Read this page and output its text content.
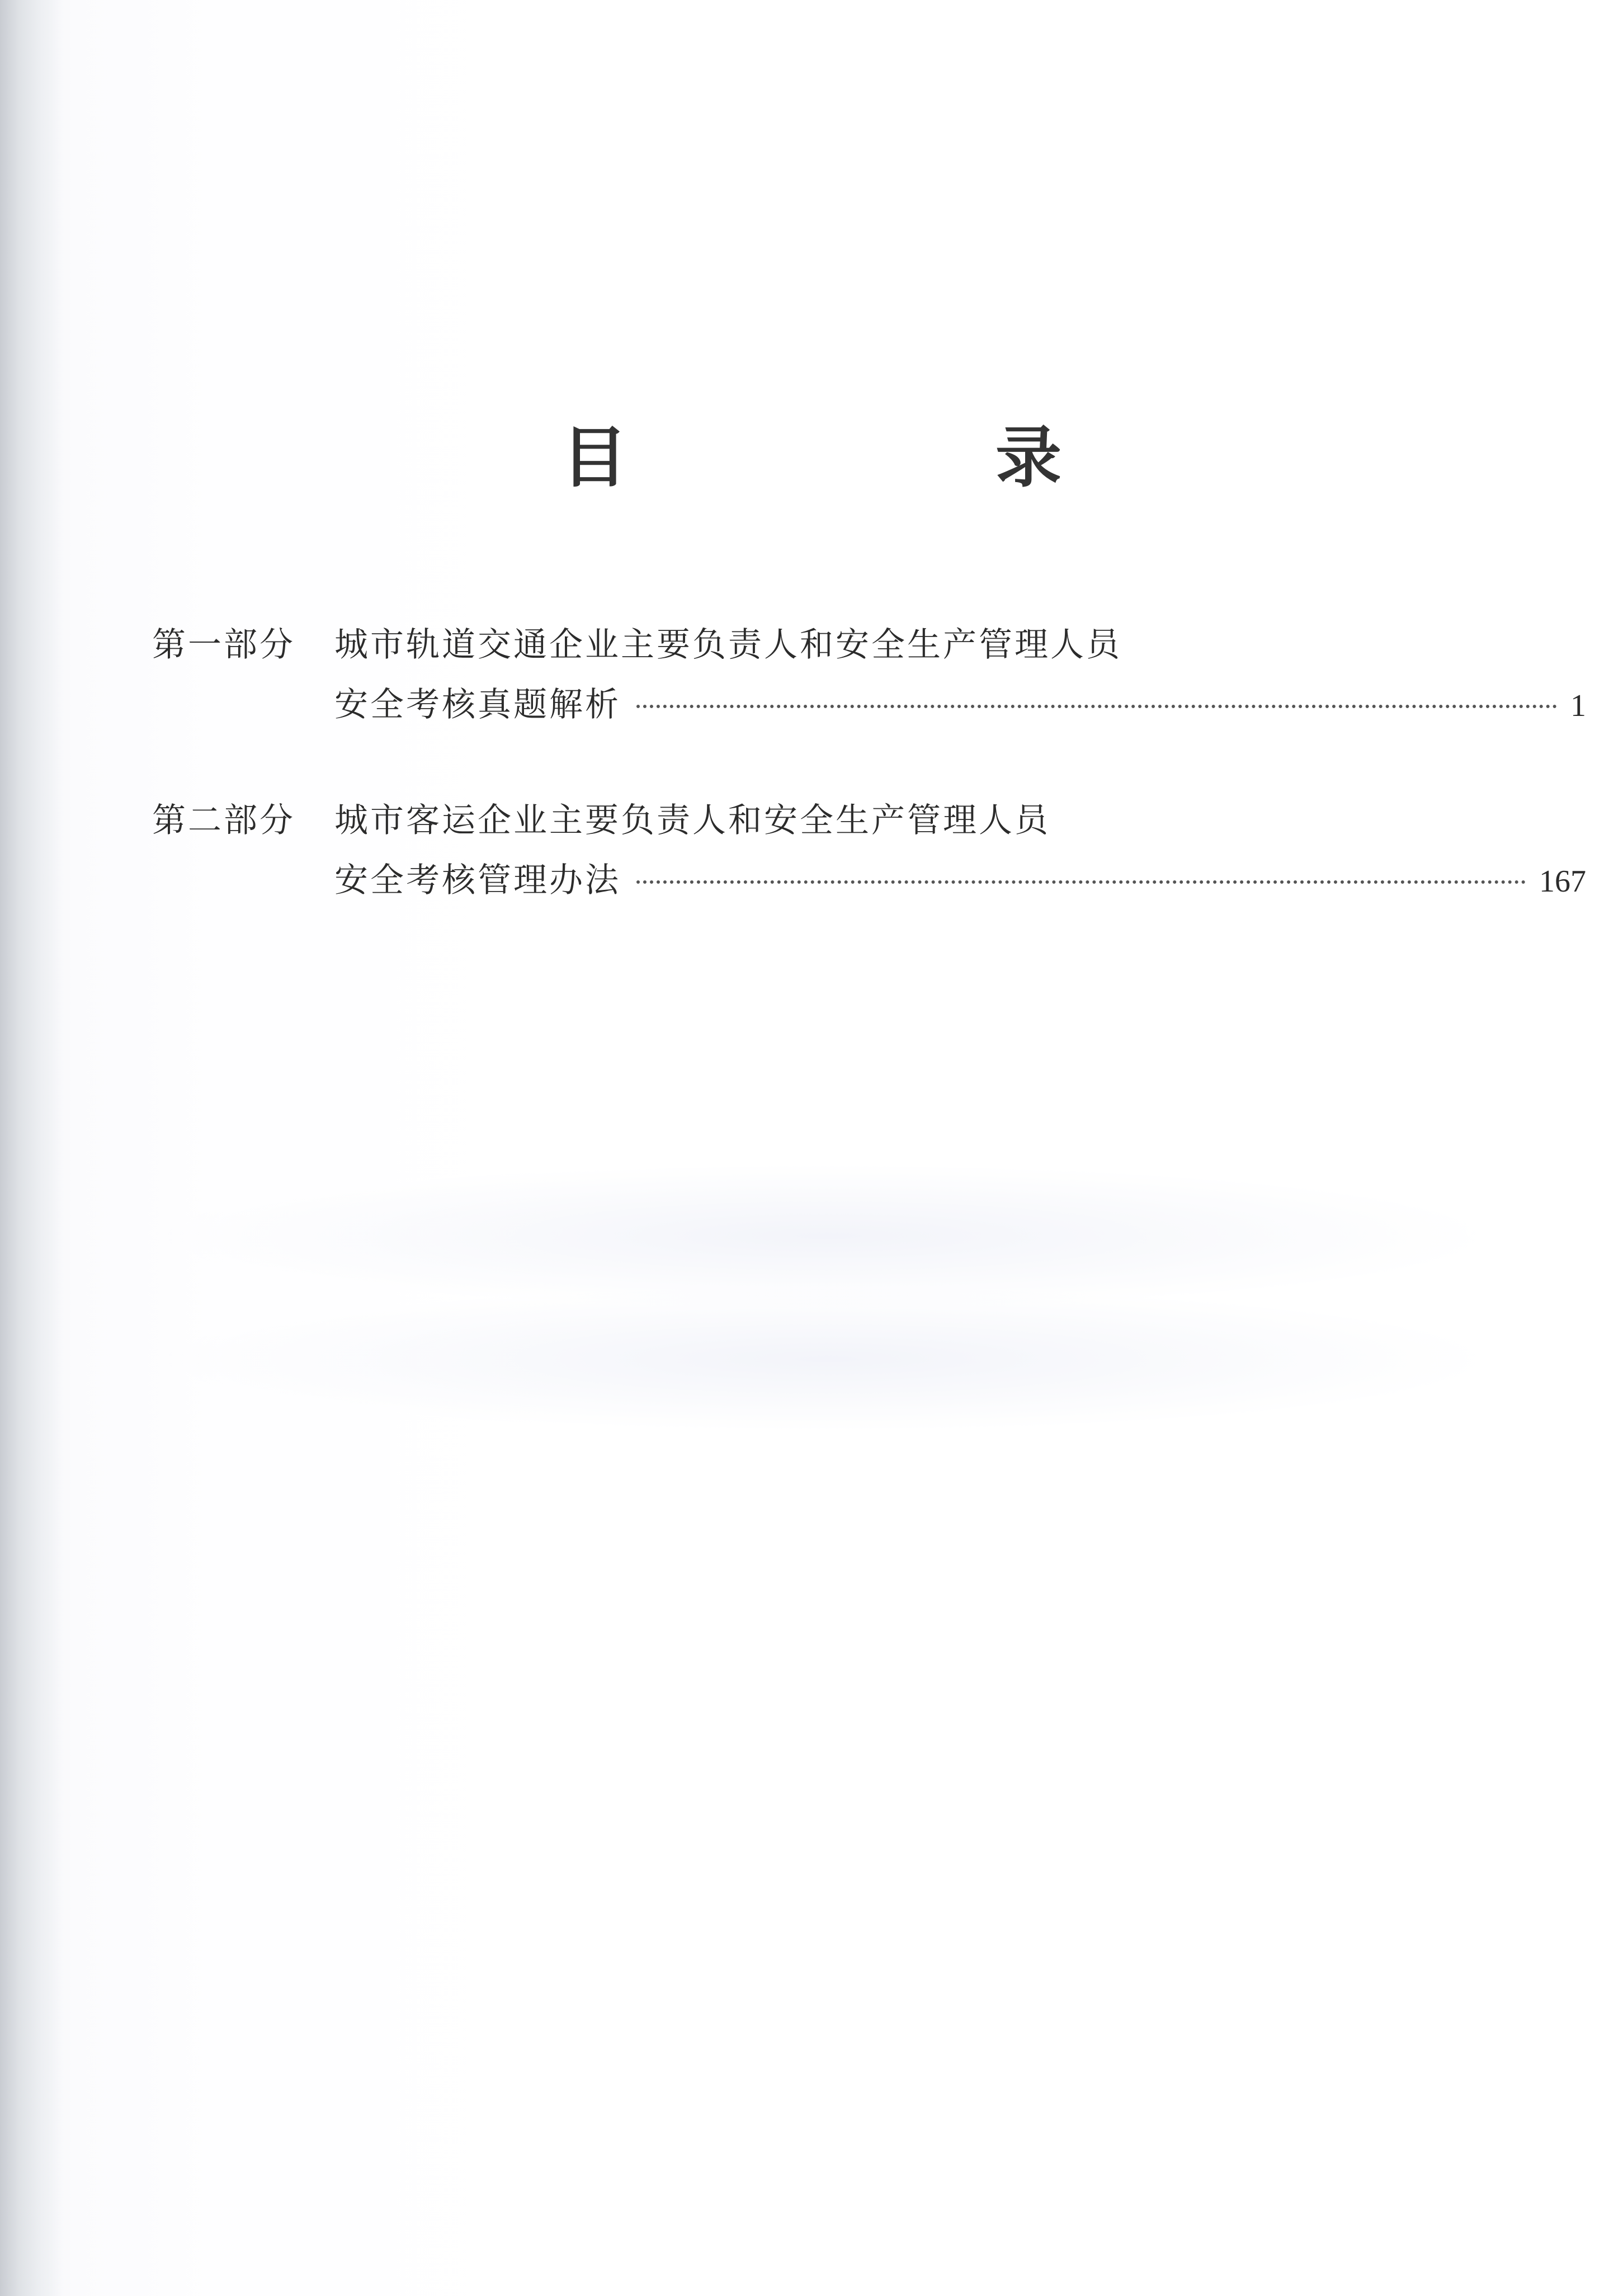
目　录
第一部分 城市轨道交通企业主要负责人和安全生产管理人员
安全考核真题解析	1
第二部分 城市客运企业主要负责人和安全生产管理人员
安全考核管理办法	167
